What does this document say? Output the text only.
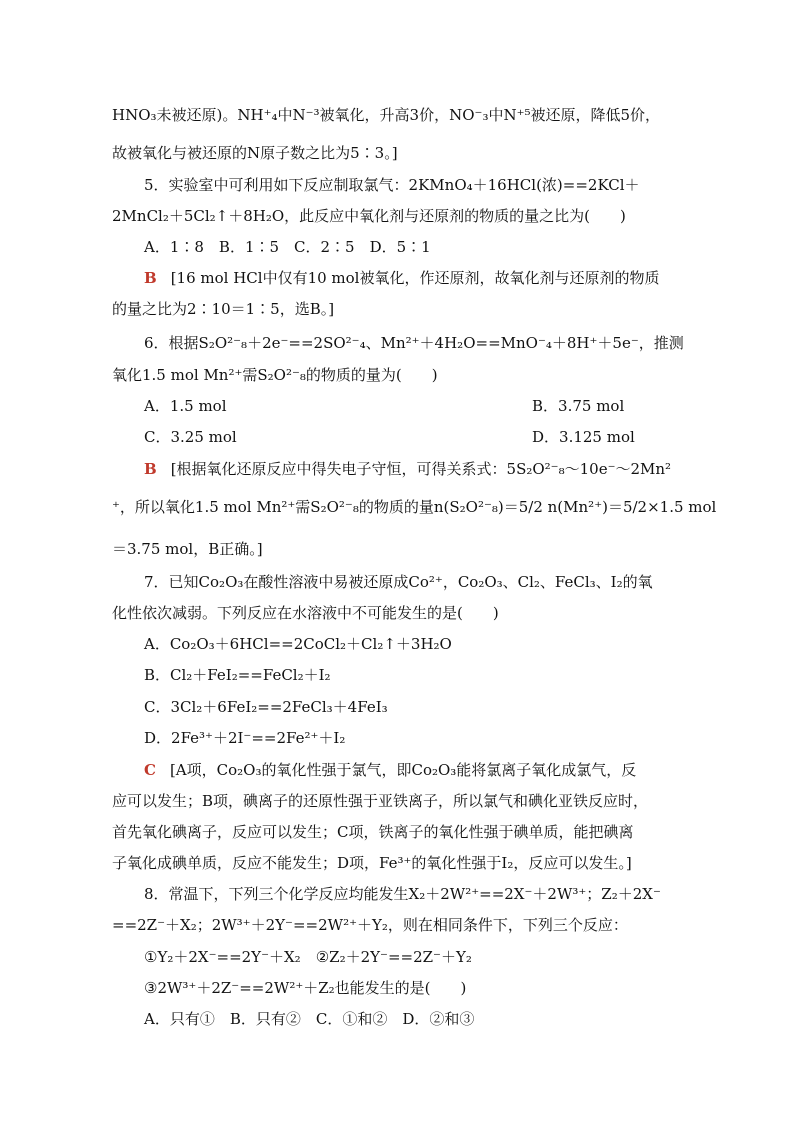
HNO₃未被还原)。NH⁺₄中N⁻³被氧化，升高3价，NO⁻₃中N⁺⁵被还原，降低5价，
故被氧化与被还原的N原子数之比为5∶3。]
5．实验室中可利用如下反应制取氯气：2KMnO₄＋16HCl(浓)==2KCl＋
2MnCl₂＋5Cl₂↑＋8H₂O，此反应中氧化剂与还原剂的物质的量之比为(　　)
A．1∶8　B．1∶5　C．2∶5　D．5∶1
B [16 mol HCl中仅有10 mol被氧化，作还原剂，故氧化剂与还原剂的物质
的量之比为2∶10＝1∶5，选B。]
6．根据S₂O²⁻₈＋2e⁻==2SO²⁻₄、Mn²⁺＋4H₂O==MnO⁻₄＋8H⁺＋5e⁻，推测
氧化1.5 mol Mn²⁺需S₂O²⁻₈的物质的量为(　　)
A．1.5 mol	B．3.75 mol
C．3.25 mol	D．3.125 mol
B [根据氧化还原反应中得失电子守恒，可得关系式：5S₂O²⁻₈～10e⁻～2Mn²
⁺，所以氧化1.5 mol Mn²⁺需S₂O²⁻₈的物质的量n(S₂O²⁻₈)＝5/2 n(Mn²⁺)＝5/2×1.5 mol
＝3.75 mol，B正确。]
7．已知Co₂O₃在酸性溶液中易被还原成Co²⁺，Co₂O₃、Cl₂、FeCl₃、I₂的氧
化性依次减弱。下列反应在水溶液中不可能发生的是(　　)
A．Co₂O₃＋6HCl==2CoCl₂＋Cl₂↑＋3H₂O
B．Cl₂＋FeI₂==FeCl₂＋I₂
C．3Cl₂＋6FeI₂==2FeCl₃＋4FeI₃
D．2Fe³⁺＋2I⁻==2Fe²⁺＋I₂
C [A项，Co₂O₃的氧化性强于氯气，即Co₂O₃能将氯离子氧化成氯气，反
应可以发生；B项，碘离子的还原性强于亚铁离子，所以氯气和碘化亚铁反应时，
首先氧化碘离子，反应可以发生；C项，铁离子的氧化性强于碘单质，能把碘离
子氧化成碘单质，反应不能发生；D项，Fe³⁺的氧化性强于I₂，反应可以发生。]
8．常温下，下列三个化学反应均能发生X₂＋2W²⁺==2X⁻＋2W³⁺；Z₂＋2X⁻
==2Z⁻＋X₂；2W³⁺＋2Y⁻==2W²⁺＋Y₂，则在相同条件下，下列三个反应：
①Y₂＋2X⁻==2Y⁻＋X₂　②Z₂＋2Y⁻==2Z⁻＋Y₂
③2W³⁺＋2Z⁻==2W²⁺＋Z₂也能发生的是(　　)
A．只有①　B．只有②　C．①和②　D．②和③
